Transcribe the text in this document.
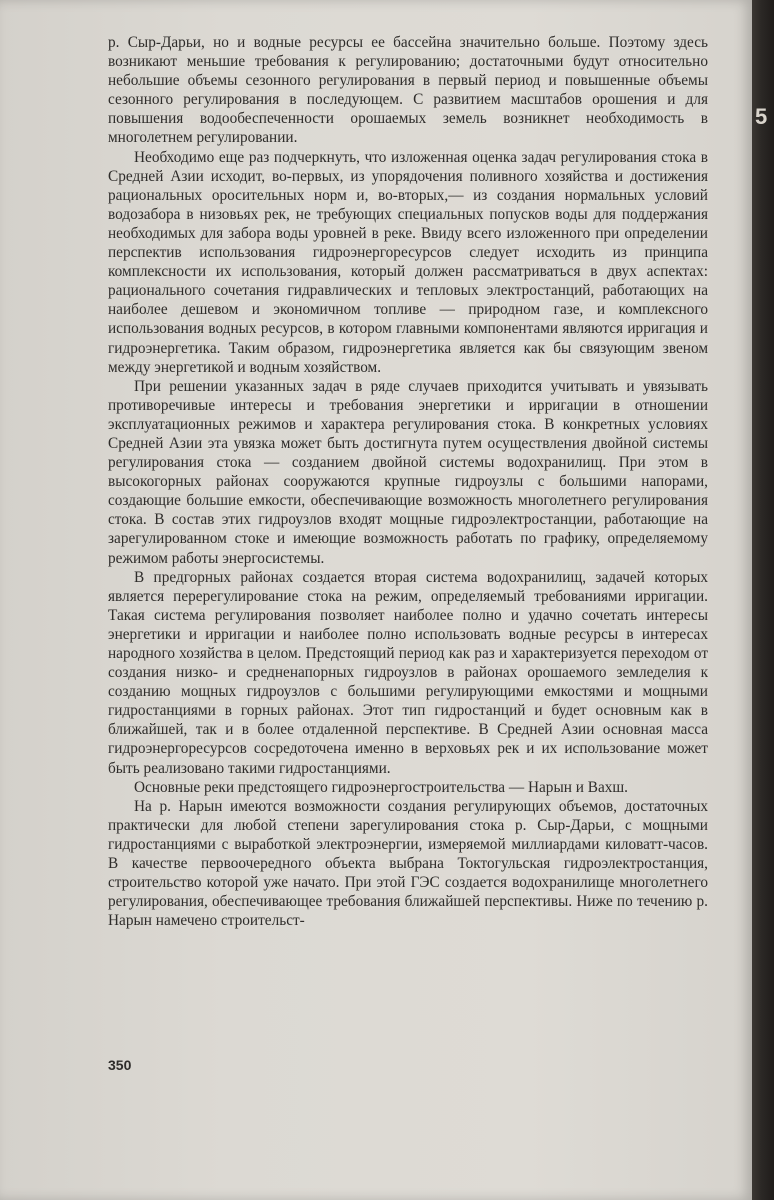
р. Сыр-Дарьи, но и водные ресурсы ее бассейна значительно больше. Поэтому здесь возникают меньшие требования к регулированию; достаточными будут относительно небольшие объемы сезонного регулирования в первый период и повышенные объемы сезонного регулирования в последующем. С развитием масштабов орошения и для повышения водообеспеченности орошаемых земель возникнет необходимость в многолетнем регулировании.

Необходимо еще раз подчеркнуть, что изложенная оценка задач регулирования стока в Средней Азии исходит, во-первых, из упорядочения поливного хозяйства и достижения рациональных оросительных норм и, во-вторых,— из создания нормальных условий водозабора в низовьях рек, не требующих специальных попусков воды для поддержания необходимых для забора воды уровней в реке. Ввиду всего изложенного при определении перспектив использования гидроэнергоресурсов следует исходить из принципа комплексности их использования, который должен рассматриваться в двух аспектах: рационального сочетания гидравлических и тепловых электростанций, работающих на наиболее дешевом и экономичном топливе — природном газе, и комплексного использования водных ресурсов, в котором главными компонентами являются ирригация и гидроэнергетика. Таким образом, гидроэнергетика является как бы связующим звеном между энергетикой и водным хозяйством.

При решении указанных задач в ряде случаев приходится учитывать и увязывать противоречивые интересы и требования энергетики и ирригации в отношении эксплуатационных режимов и характера регулирования стока. В конкретных условиях Средней Азии эта увязка может быть достигнута путем осуществления двойной системы регулирования стока — созданием двойной системы водохранилищ. При этом в высокогорных районах сооружаются крупные гидроузлы с большими напорами, создающие большие емкости, обеспечивающие возможность многолетнего регулирования стока. В состав этих гидроузлов входят мощные гидроэлектростанции, работающие на зарегулированном стоке и имеющие возможность работать по графику, определяемому режимом работы энергосистемы.

В предгорных районах создается вторая система водохранилищ, задачей которых является перерегулирование стока на режим, определяемый требованиями ирригации. Такая система регулирования позволяет наиболее полно и удачно сочетать интересы энергетики и ирригации и наиболее полно использовать водные ресурсы в интересах народного хозяйства в целом. Предстоящий период как раз и характеризуется переходом от создания низко- и средненапорных гидроузлов в районах орошаемого земледелия к созданию мощных гидроузлов с большими регулирующими емкостями и мощными гидростанциями в горных районах. Этот тип гидростанций и будет основным как в ближайшей, так и в более отдаленной перспективе. В Средней Азии основная масса гидроэнергоресурсов сосредоточена именно в верховьях рек и их использование может быть реализовано такими гидростанциями.

Основные реки предстоящего гидроэнергостроительства — Нарын и Вахш.

На р. Нарын имеются возможности создания регулирующих объемов, достаточных практически для любой степени зарегулирования стока р. Сыр-Дарьи, с мощными гидростанциями с выработкой электроэнергии, измеряемой миллиардами киловатт-часов. В качестве первоочередного объекта выбрана Токтогульская гидроэлектростанция, строительство которой уже начато. При этой ГЭС создается водохранилище многолетнего регулирования, обеспечивающее требования ближайшей перспективы. Ниже по течению р. Нарын намечено строительст-

350
5
